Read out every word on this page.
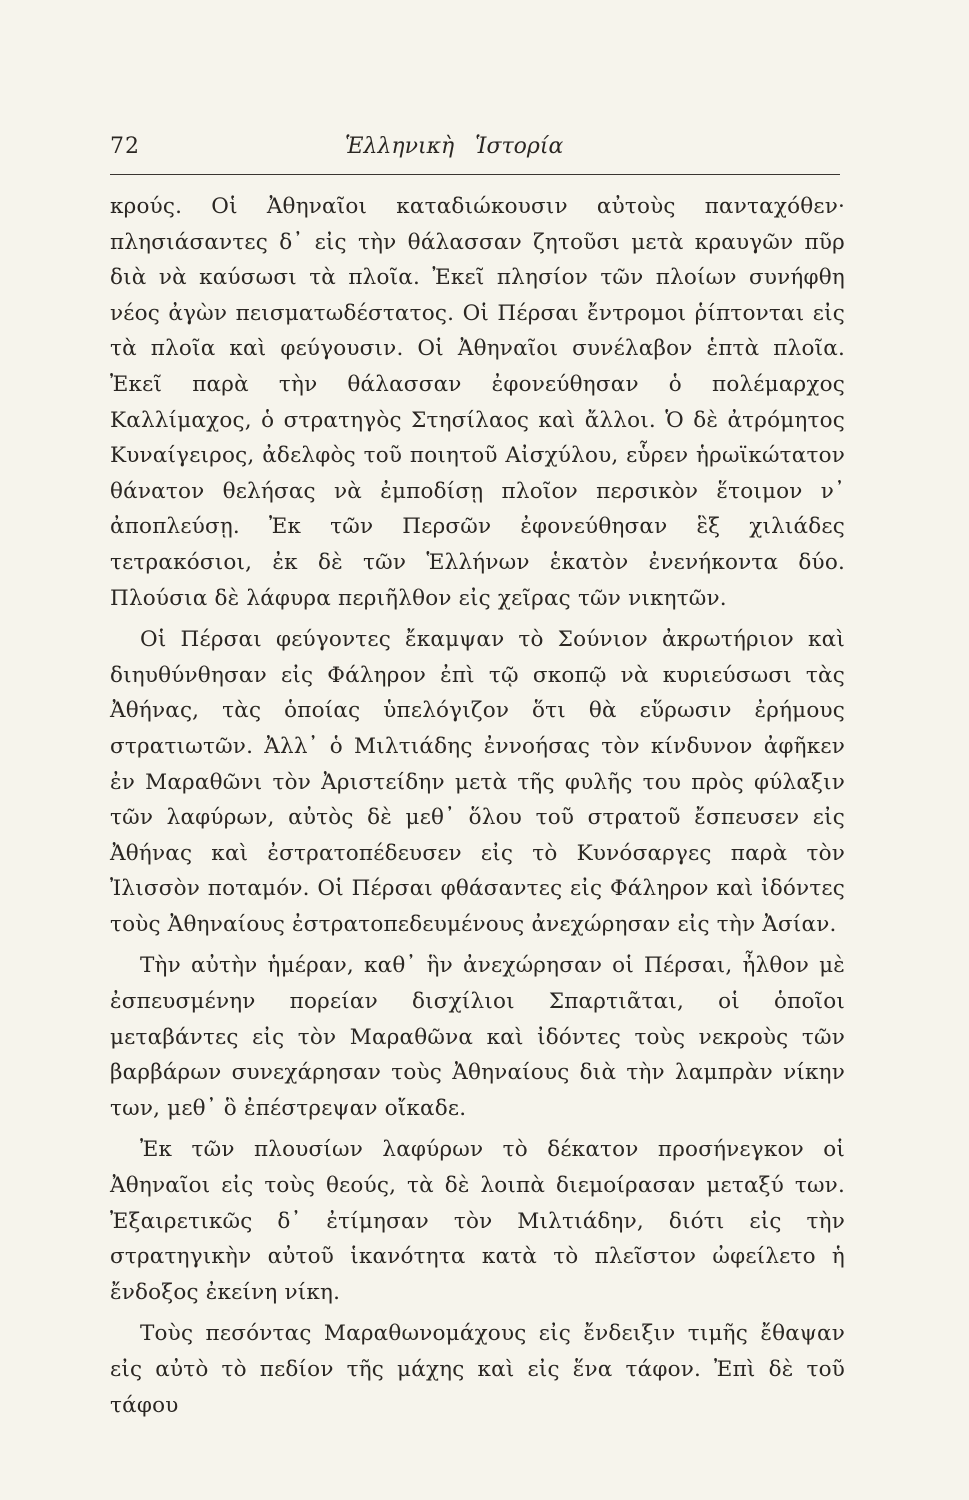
72	Ἑλληνικὴ Ἱστορία

κρούς. Οἱ Ἀθηναῖοι καταδιώκουσιν αὐτοὺς πανταχόθεν· πλησιάσαντες δ᾽ εἰς τὴν θάλασσαν ζητοῦσι μετὰ κραυγῶν πῦρ διὰ νὰ καύσωσι τὰ πλοῖα. Ἐκεῖ πλησίον τῶν πλοίων συνήφθη νέος ἀγὼν πεισματωδέστατος. Οἱ Πέρσαι ἔντρομοι ῥίπτονται εἰς τὰ πλοῖα καὶ φεύγουσιν. Οἱ Ἀθηναῖοι συνέλαβον ἑπτὰ πλοῖα. Ἐκεῖ παρὰ τὴν θάλασσαν ἐφονεύθησαν ὁ πολέμαρχος Καλλίμαχος, ὁ στρατηγὸς Στησίλαος καὶ ἄλλοι. Ὁ δὲ ἀτρόμητος Κυναίγειρος, ἀδελφὸς τοῦ ποιητοῦ Αἰσχύλου, εὗρεν ἡρωϊκώτατον θάνατον θελήσας νὰ ἐμποδίσῃ πλοῖον περσικὸν ἕτοιμον ν᾽ ἀποπλεύσῃ. Ἐκ τῶν Περσῶν ἐφονεύθησαν ἓξ χιλιάδες τετρακόσιοι, ἐκ δὲ τῶν Ἑλλήνων ἑκατὸν ἐνενήκοντα δύο. Πλούσια δὲ λάφυρα περιῆλθον εἰς χεῖρας τῶν νικητῶν.

Οἱ Πέρσαι φεύγοντες ἔκαμψαν τὸ Σούνιον ἀκρωτήριον καὶ διηυθύνθησαν εἰς Φάληρον ἐπὶ τῷ σκοπῷ νὰ κυριεύσωσι τὰς Ἀθήνας, τὰς ὁποίας ὑπελόγιζον ὅτι θὰ εὕρωσιν ἐρήμους στρατιωτῶν. Ἀλλ᾽ ὁ Μιλτιάδης ἐννοήσας τὸν κίνδυνον ἀφῆκεν ἐν Μαραθῶνι τὸν Ἀριστείδην μετὰ τῆς φυλῆς του πρὸς φύλαξιν τῶν λαφύρων, αὐτὸς δὲ μεθ᾽ ὅλου τοῦ στρατοῦ ἔσπευσεν εἰς Ἀθήνας καὶ ἐστρατοπέδευσεν εἰς τὸ Κυνόσαργες παρὰ τὸν Ἰλισσὸν ποταμόν. Οἱ Πέρσαι φθάσαντες εἰς Φάληρον καὶ ἰδόντες τοὺς Ἀθηναίους ἐστρατοπεδευμένους ἀνεχώρησαν εἰς τὴν Ἀσίαν.

Τὴν αὐτὴν ἡμέραν, καθ᾽ ἣν ἀνεχώρησαν οἱ Πέρσαι, ἦλθον μὲ ἐσπευσμένην πορείαν δισχίλιοι Σπαρτιᾶται, οἱ ὁποῖοι μεταβάντες εἰς τὸν Μαραθῶνα καὶ ἰδόντες τοὺς νεκροὺς τῶν βαρβάρων συνεχάρησαν τοὺς Ἀθηναίους διὰ τὴν λαμπρὰν νίκην των, μεθ᾽ ὃ ἐπέστρεψαν οἴκαδε.

Ἐκ τῶν πλουσίων λαφύρων τὸ δέκατον προσήνεγκον οἱ Ἀθηναῖοι εἰς τοὺς θεούς, τὰ δὲ λοιπὰ διεμοίρασαν μεταξύ των. Ἐξαιρετικῶς δ᾽ ἐτίμησαν τὸν Μιλτιάδην, διότι εἰς τὴν στρατηγικὴν αὐτοῦ ἱκανότητα κατὰ τὸ πλεῖστον ὠφείλετο ἡ ἔνδοξος ἐκείνη νίκη.

Τοὺς πεσόντας Μαραθωνομάχους εἰς ἔνδειξιν τιμῆς ἔθαψαν εἰς αὐτὸ τὸ πεδίον τῆς μάχης καὶ εἰς ἕνα τάφον. Ἐπὶ δὲ τοῦ τάφου
